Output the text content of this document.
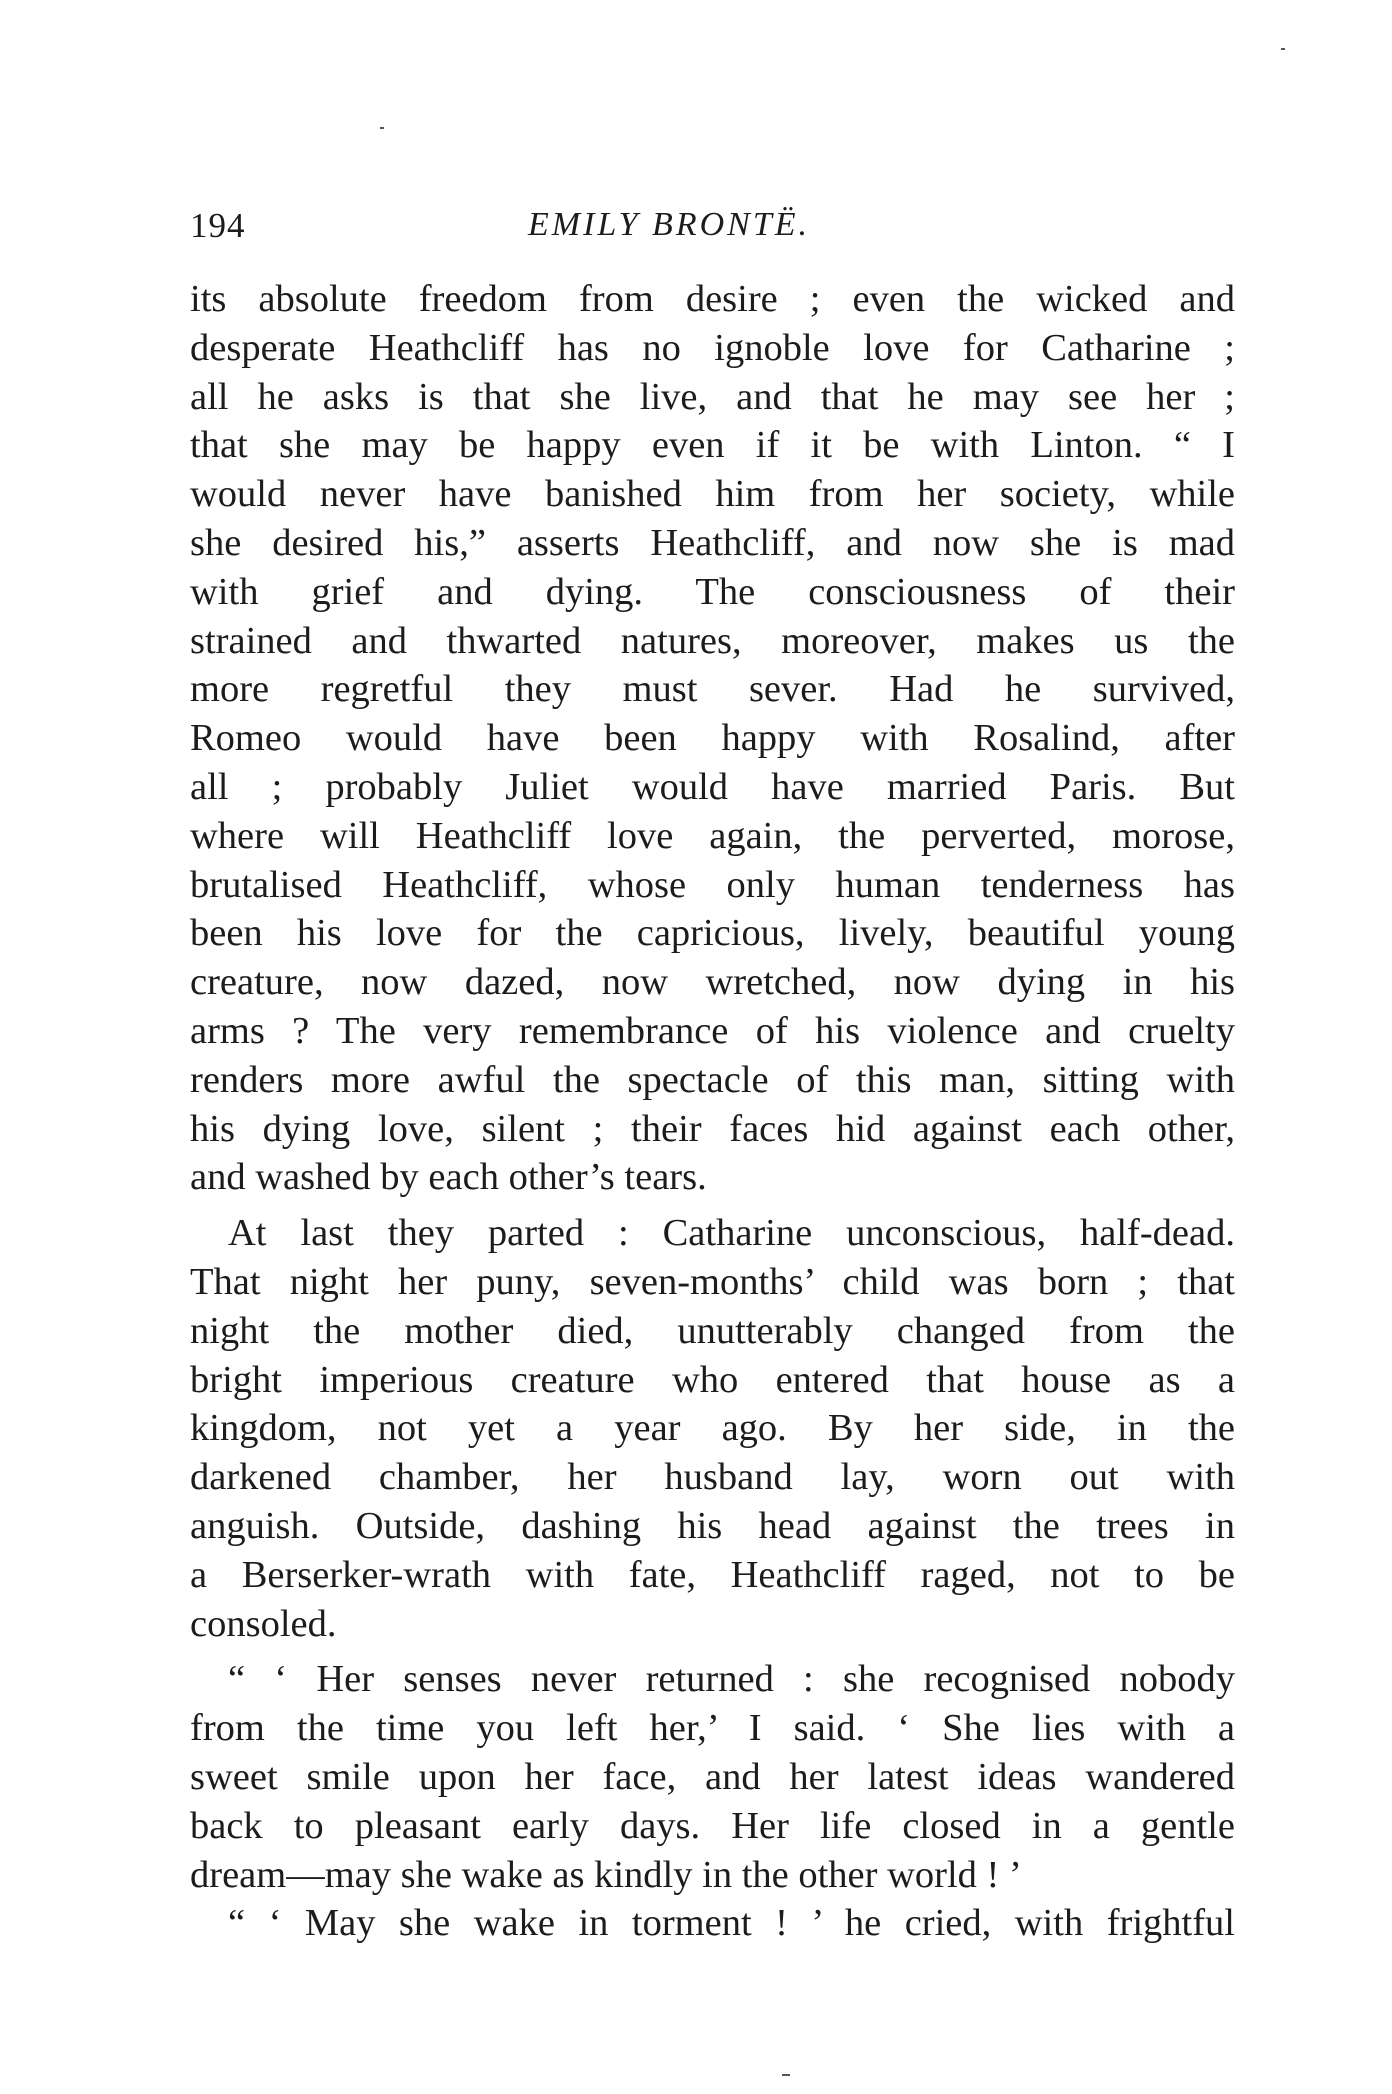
194	EMILY BRONTË.
its absolute freedom from desire ; even the wicked and
desperate Heathcliff has no ignoble love for Catharine ;
all he asks is that she live, and that he may see her ;
that she may be happy even if it be with Linton. “ I
would never have banished him from her society, while
she desired his,” asserts Heathcliff, and now she is mad
with grief and dying. The consciousness of their
strained and thwarted natures, moreover, makes us the
more regretful they must sever. Had he survived,
Romeo would have been happy with Rosalind, after
all ; probably Juliet would have married Paris. But
where will Heathcliff love again, the perverted, morose,
brutalised Heathcliff, whose only human tenderness has
been his love for the capricious, lively, beautiful young
creature, now dazed, now wretched, now dying in his
arms ? The very remembrance of his violence and cruelty
renders more awful the spectacle of this man, sitting with
his dying love, silent ; their faces hid against each other,
and washed by each other’s tears.
At last they parted : Catharine unconscious, half-dead.
That night her puny, seven-months’ child was born ; that
night the mother died, unutterably changed from the
bright imperious creature who entered that house as a
kingdom, not yet a year ago. By her side, in the
darkened chamber, her husband lay, worn out with
anguish. Outside, dashing his head against the trees in
a Berserker-wrath with fate, Heathcliff raged, not to be
consoled.
“ ‘ Her senses never returned : she recognised nobody
from the time you left her,’ I said. ‘ She lies with a
sweet smile upon her face, and her latest ideas wandered
back to pleasant early days. Her life closed in a gentle
dream—may she wake as kindly in the other world ! ’
“ ‘ May she wake in torment ! ’ he cried, with frightful
